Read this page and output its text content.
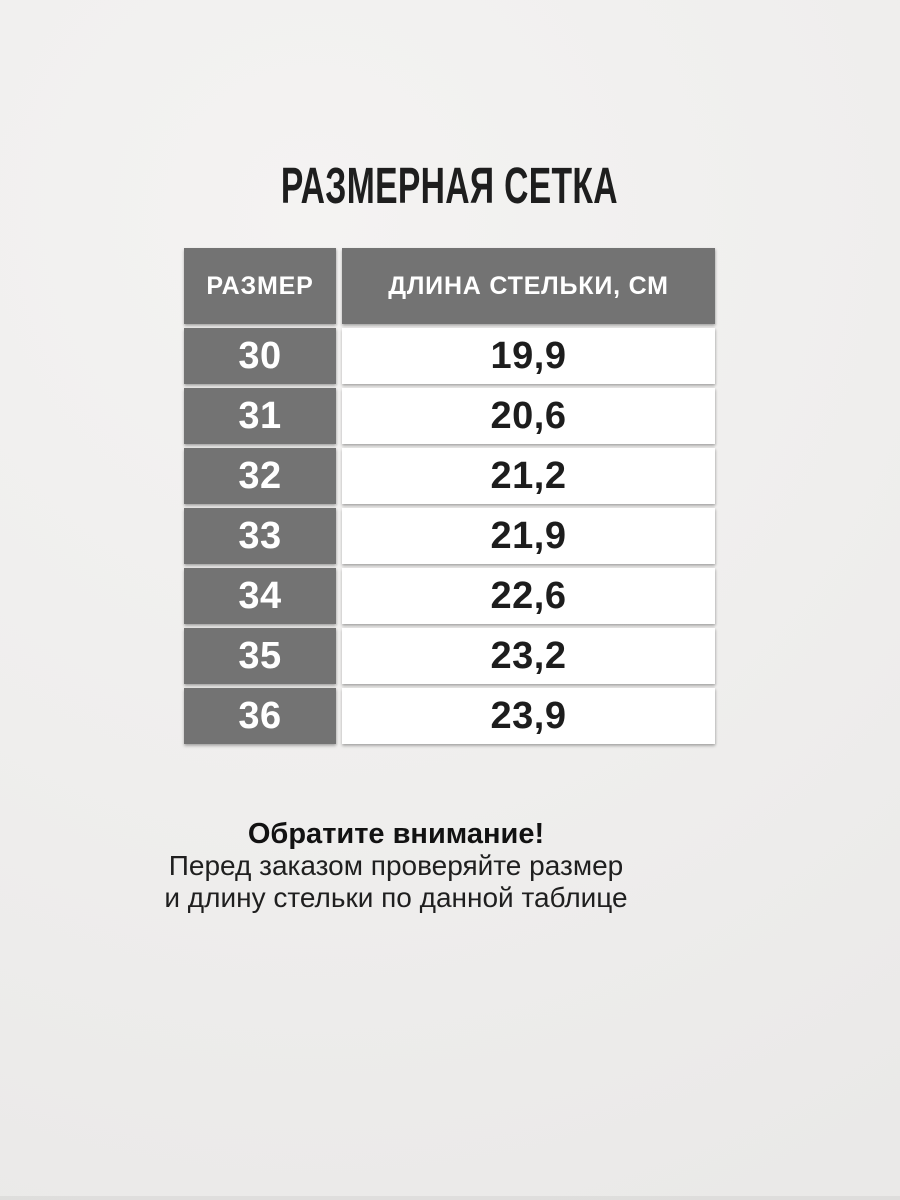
РАЗМЕРНАЯ СЕТКА
РАЗМЕР	ДЛИНА СТЕЛЬКИ, СМ
30	19,9
31	20,6
32	21,2
33	21,9
34	22,6
35	23,2
36	23,9
Обратите внимание!
Перед заказом проверяйте размер
и длину стельки по данной таблице
